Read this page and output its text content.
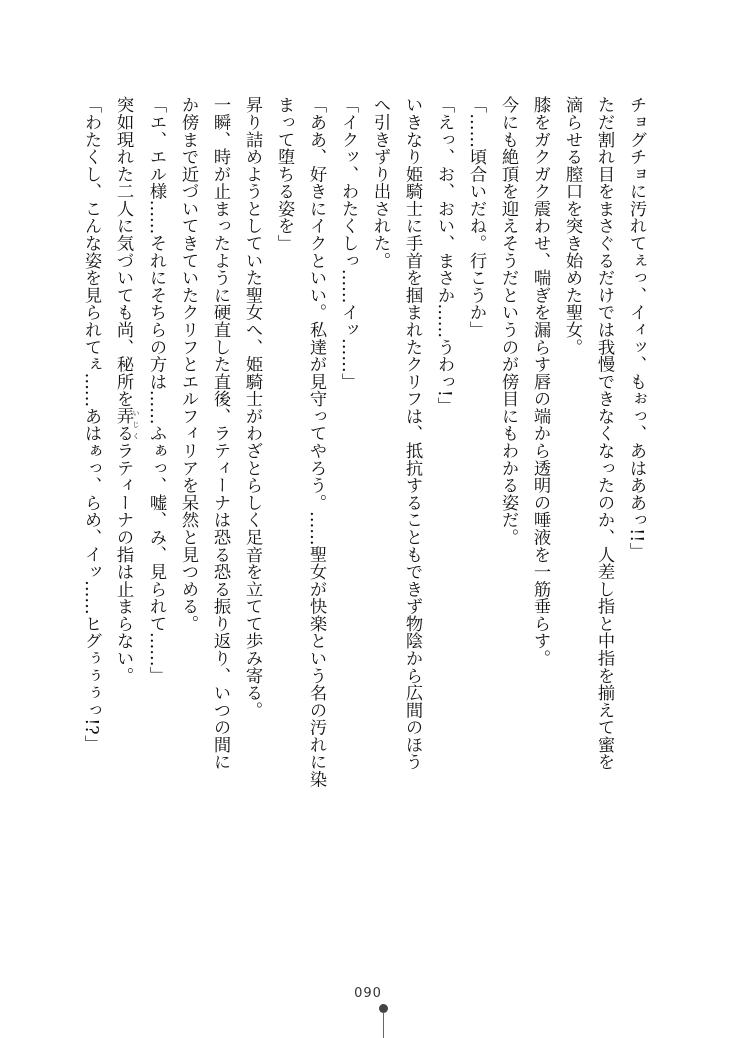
チョグチョに汚れてぇっ、イィッ、もぉっ、あはああっ!!」
ただ割れ目をまさぐるだけでは我慢できなくなったのか、人差し指と中指を揃えて蜜を
滴らせる膣口を突き始めた聖女。
膝をガクガク震わせ、喘ぎを漏らす唇の端から透明の唾液を一筋垂らす。
今にも絶頂を迎えそうだというのが傍目にもわかる姿だ。
「……頃合いだね。行こうか」
「えっ、お、おい、まさか……うわっ!」
いきなり姫騎士に手首を掴まれたクリフは、抵抗することもできず物陰から広間のほう
へ引きずり出された。
「イクッ、わたくしっ……イッ……」
「ああ、好きにイクといい。私達が見守ってやろう。……聖女が快楽という名の汚れに染
まって堕ちる姿を」
昇り詰めようとしていた聖女へ、姫騎士がわざとらしく足音を立てて歩み寄る。
一瞬、時が止まったように硬直した直後、ラティーナは恐る恐る振り返り、いつの間に
か傍まで近づいてきていたクリフとエルフィリアを呆然と見つめる。
「エ、エル様……それにそちらの方は……ふぁっ、嘘、み、見られて……」
突如現れた二人に気づいても尚、秘所を弄る いじくラティーナの指は止まらない。
「わたくし、こんな姿を見られてぇ……あはぁっ、らめ、イッ……ヒグぅぅぅっ!?」
090
